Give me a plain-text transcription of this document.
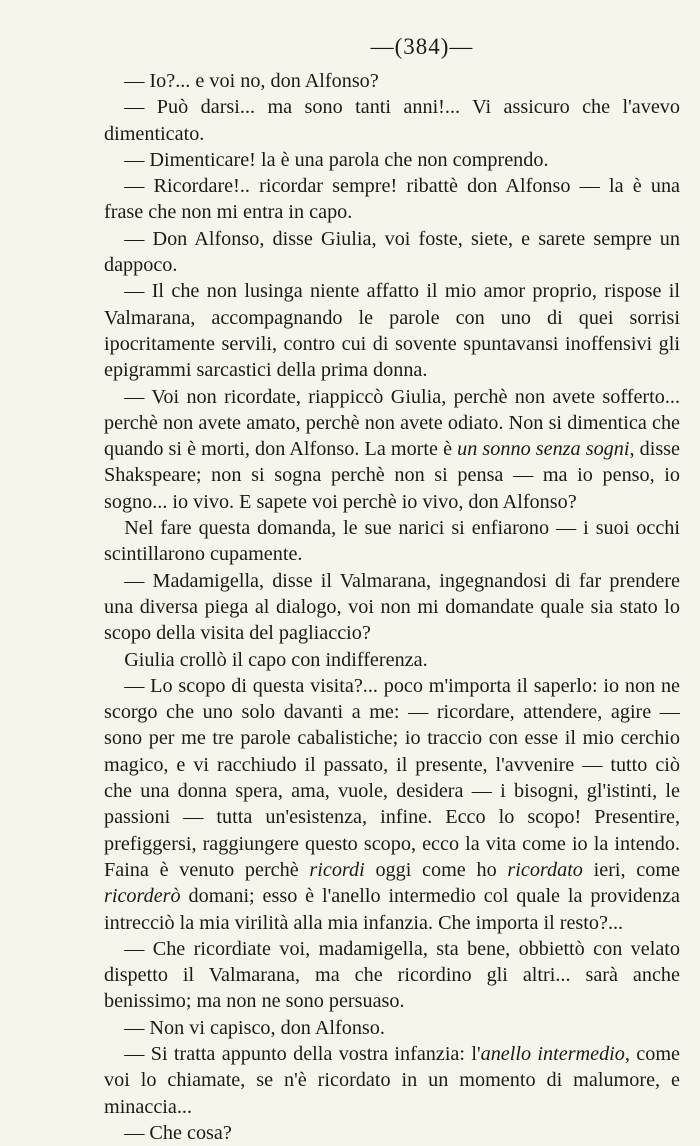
—(384)—

— Io?... e voi no, don Alfonso?

— Può darsi... ma sono tanti anni!... Vi assicuro che l'avevo dimenticato.

— Dimenticare! la è una parola che non comprendo.

— Ricordare!.. ricordar sempre! ribattè don Alfonso — la è una frase che non mi entra in capo.

— Don Alfonso, disse Giulia, voi foste, siete, e sarete sempre un dappoco.

— Il che non lusinga niente affatto il mio amor proprio, rispose il Valmarana, accompagnando le parole con uno di quei sorrisi ipocritamente servili, contro cui di sovente spuntavansi inoffensivi gli epigrammi sarcastici della prima donna.

— Voi non ricordate, riappiccò Giulia, perchè non avete sofferto... perchè non avete amato, perchè non avete odiato. Non si dimentica che quando si è morti, don Alfonso. La morte è un sonno senza sogni, disse Shakspeare; non si sogna perchè non si pensa — ma io penso, io sogno... io vivo. E sapete voi perchè io vivo, don Alfonso?

Nel fare questa domanda, le sue narici si enfiarono — i suoi occhi scintillarono cupamente.

— Madamigella, disse il Valmarana, ingegnandosi di far prendere una diversa piega al dialogo, voi non mi domandate quale sia stato lo scopo della visita del pagliaccio?

Giulia crollò il capo con indifferenza.

— Lo scopo di questa visita?... poco m'importa il saperlo: io non ne scorgo che uno solo davanti a me: — ricordare, attendere, agire — sono per me tre parole cabalistiche; io traccio con esse il mio cerchio magico, e vi racchiudo il passato, il presente, l'avvenire — tutto ciò che una donna spera, ama, vuole, desidera — i bisogni, gl'istinti, le passioni — tutta un'esistenza, infine. Ecco lo scopo! Presentire, prefiggersi, raggiungere questo scopo, ecco la vita come io la intendo. Faina è venuto perchè ricordi oggi come ho ricordato ieri, come ricorderò domani; esso è l'anello intermedio col quale la providenza intrecciò la mia virilità alla mia infanzia. Che importa il resto?...

— Che ricordiate voi, madamigella, sta bene, obbiettò con velato dispetto il Valmarana, ma che ricordino gli altri... sarà anche benissimo; ma non ne sono persuaso.

— Non vi capisco, don Alfonso.

— Si tratta appunto della vostra infanzia: l'anello intermedio, come voi lo chiamate, se n'è ricordato in un momento di malumore, e minaccia...

— Che cosa?
